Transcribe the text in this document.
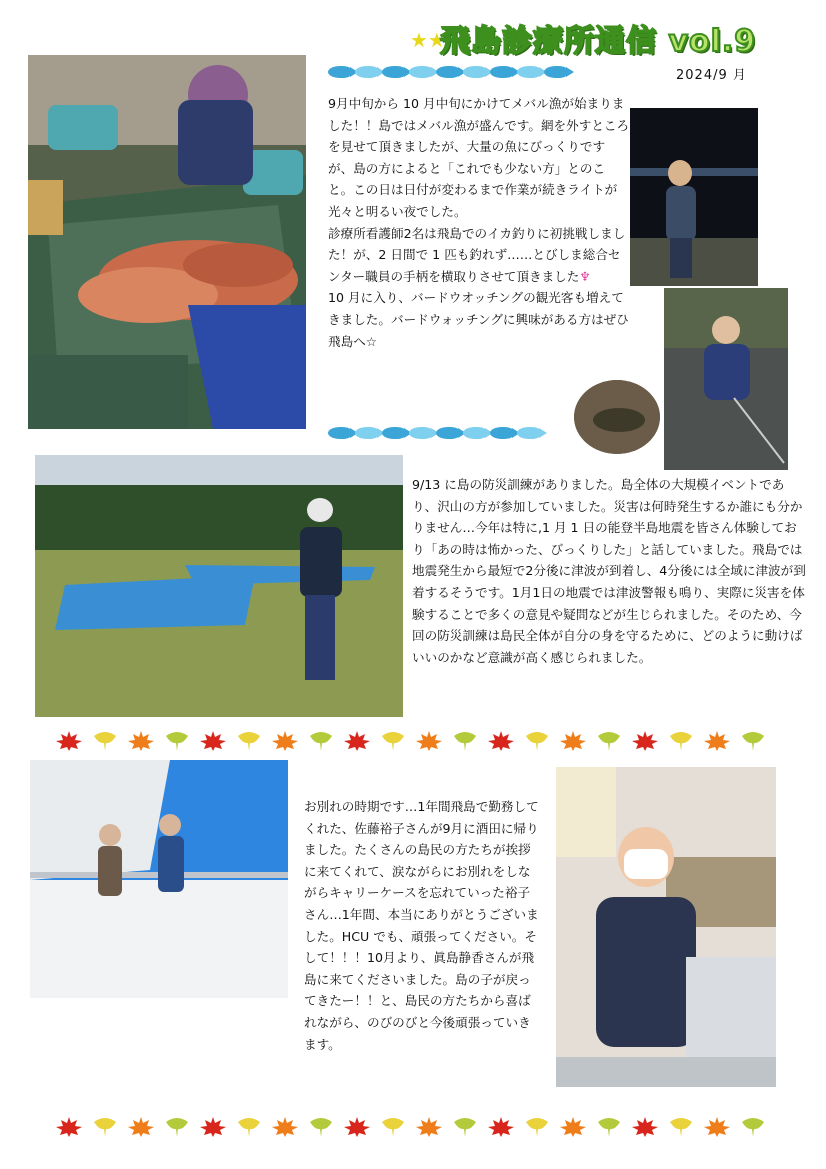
★★
飛島診療所通信 vol.9
2024/9 月
9月中旬から 10 月中旬にかけてメバル漁が始まりました！！島ではメバル漁が盛んです。網を外すところを見せて頂きましたが、大量の魚にびっくりですが、島の方によると「これでも少ない方」とのこと。この日は日付が変わるまで作業が続きライトが光々と明るい夜でした。
診療所看護師2名は飛島でのイカ釣りに初挑戦しました！が、2 日間で 1 匹も釣れず……とびしま総合センター職員の手柄を横取りさせて頂きました♆
10 月に入り、バードウオッチングの観光客も増えてきました。バードウォッチングに興味がある方はぜひ飛島へ☆
9/13 に島の防災訓練がありました。島全体の大規模イベントであり、沢山の方が参加していました。災害は何時発生するか誰にも分かりません…今年は特に,1 月 1 日の能登半島地震を皆さん体験しており「あの時は怖かった、びっくりした」と話していました。飛島では地震発生から最短で2分後に津波が到着し、4分後には全域に津波が到着するそうです。1月1日の地震では津波警報も鳴り、実際に災害を体験することで多くの意見や疑問などが生じられました。そのため、今回の防災訓練は島民全体が自分の身を守るために、どのように動けばいいのかなど意識が高く感じられました。
お別れの時期です…1年間飛島で勤務してくれた、佐藤裕子さんが9月に酒田に帰りました。たくさんの島民の方たちが挨拶に来てくれて、涙ながらにお別れをしながらキャリーケースを忘れていった裕子さん…1年間、本当にありがとうございました。HCU でも、頑張ってください。そして！！！10月より、眞島静香さんが飛島に来てくださいました。島の子が戻ってきたー！！と、島民の方たちから喜ばれながら、のびのびと今後頑張っていきます。
